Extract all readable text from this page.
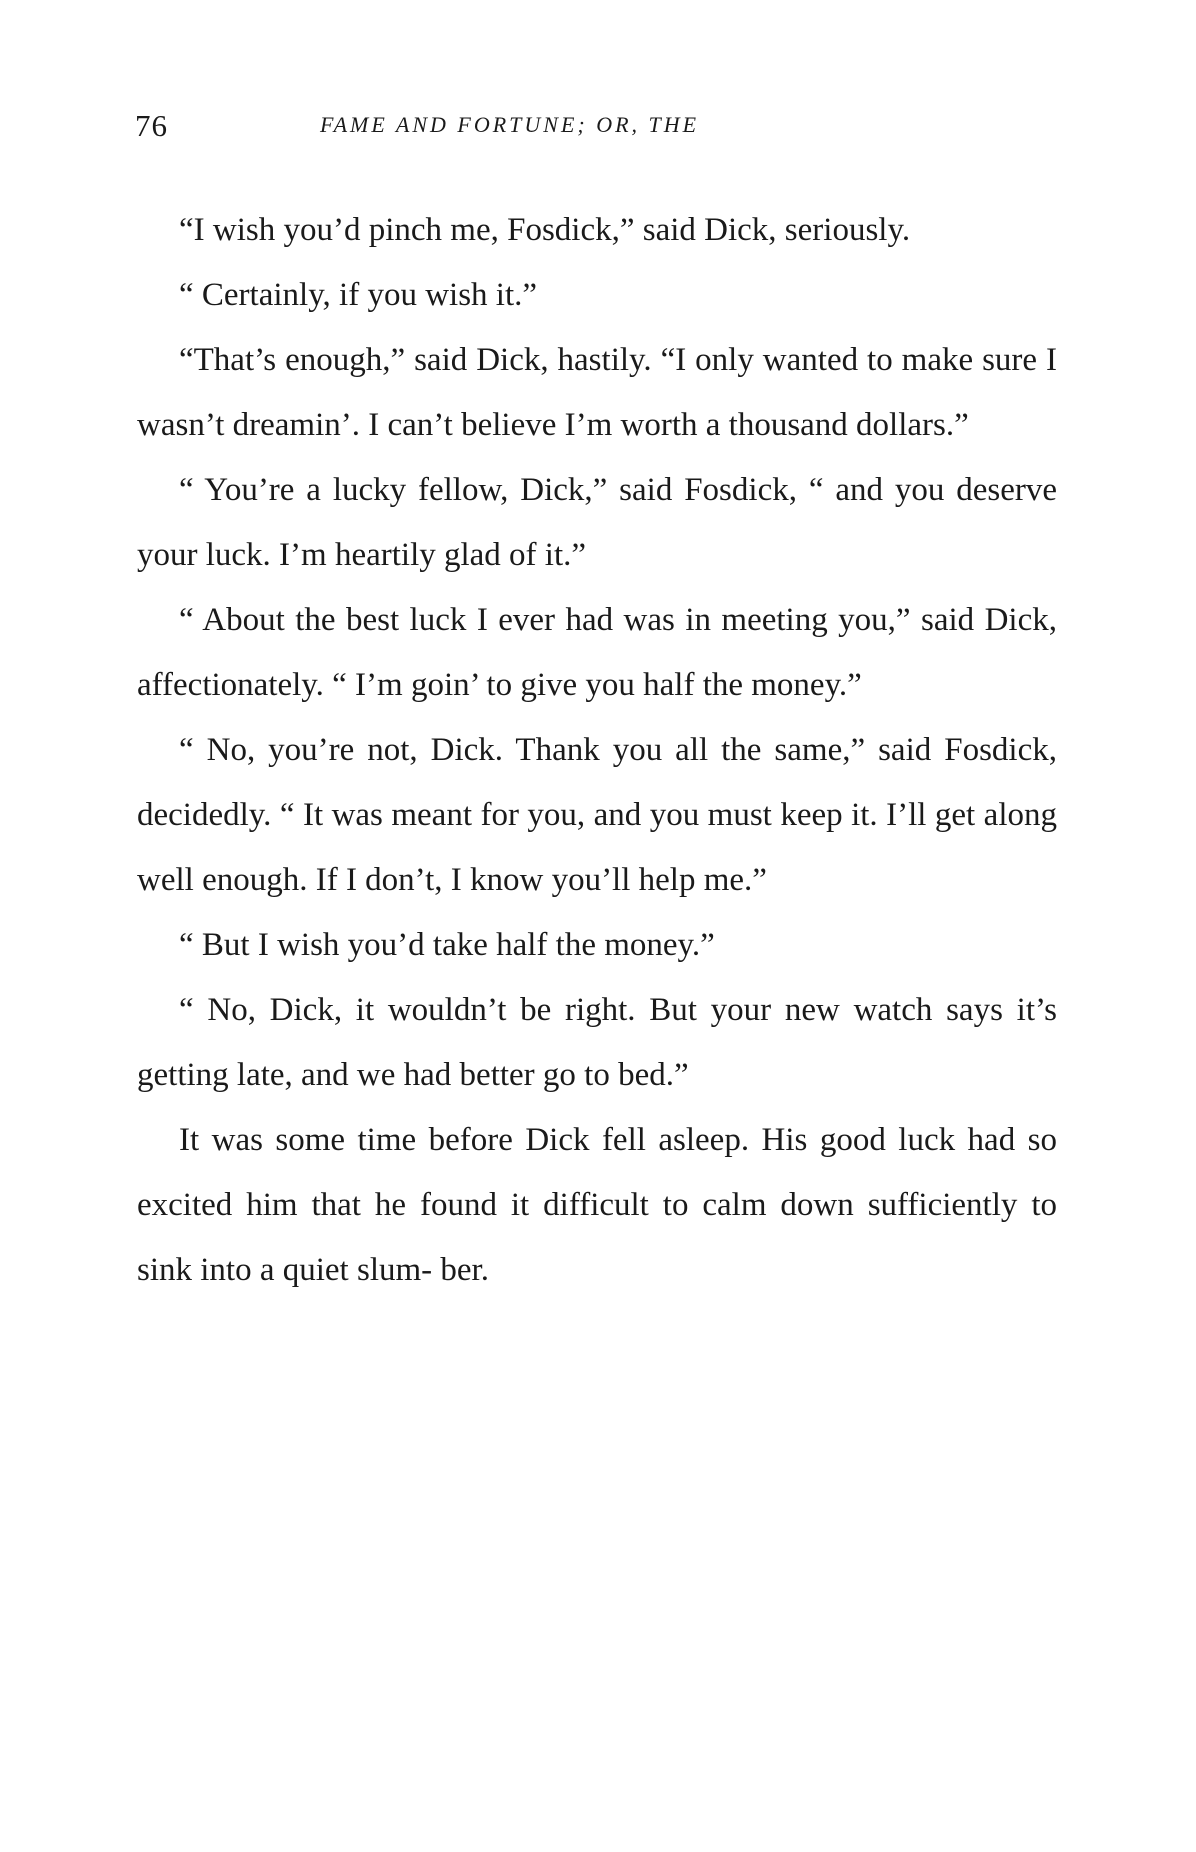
76	FAME AND FORTUNE; OR, THE

“I wish you’d pinch me, Fosdick,” said Dick, seriously.

“ Certainly, if you wish it.”

“That’s enough,” said Dick, hastily. “I only wanted to make sure I wasn’t dreamin’. I can’t believe I’m worth a thousand dollars.”

“ You’re a lucky fellow, Dick,” said Fosdick, “ and you deserve your luck. I’m heartily glad of it.”

“ About the best luck I ever had was in meeting you,” said Dick, affectionately. “ I’m goin’ to give you half the money.”

“ No, you’re not, Dick. Thank you all the same,” said Fosdick, decidedly. “ It was meant for you, and you must keep it. I’ll get along well enough. If I don’t, I know you’ll help me.”

“ But I wish you’d take half the money.”

“ No, Dick, it wouldn’t be right. But your new watch says it’s getting late, and we had better go to bed.”

It was some time before Dick fell asleep. His good luck had so excited him that he found it difficult to calm down sufficiently to sink into a quiet slum- ber.
